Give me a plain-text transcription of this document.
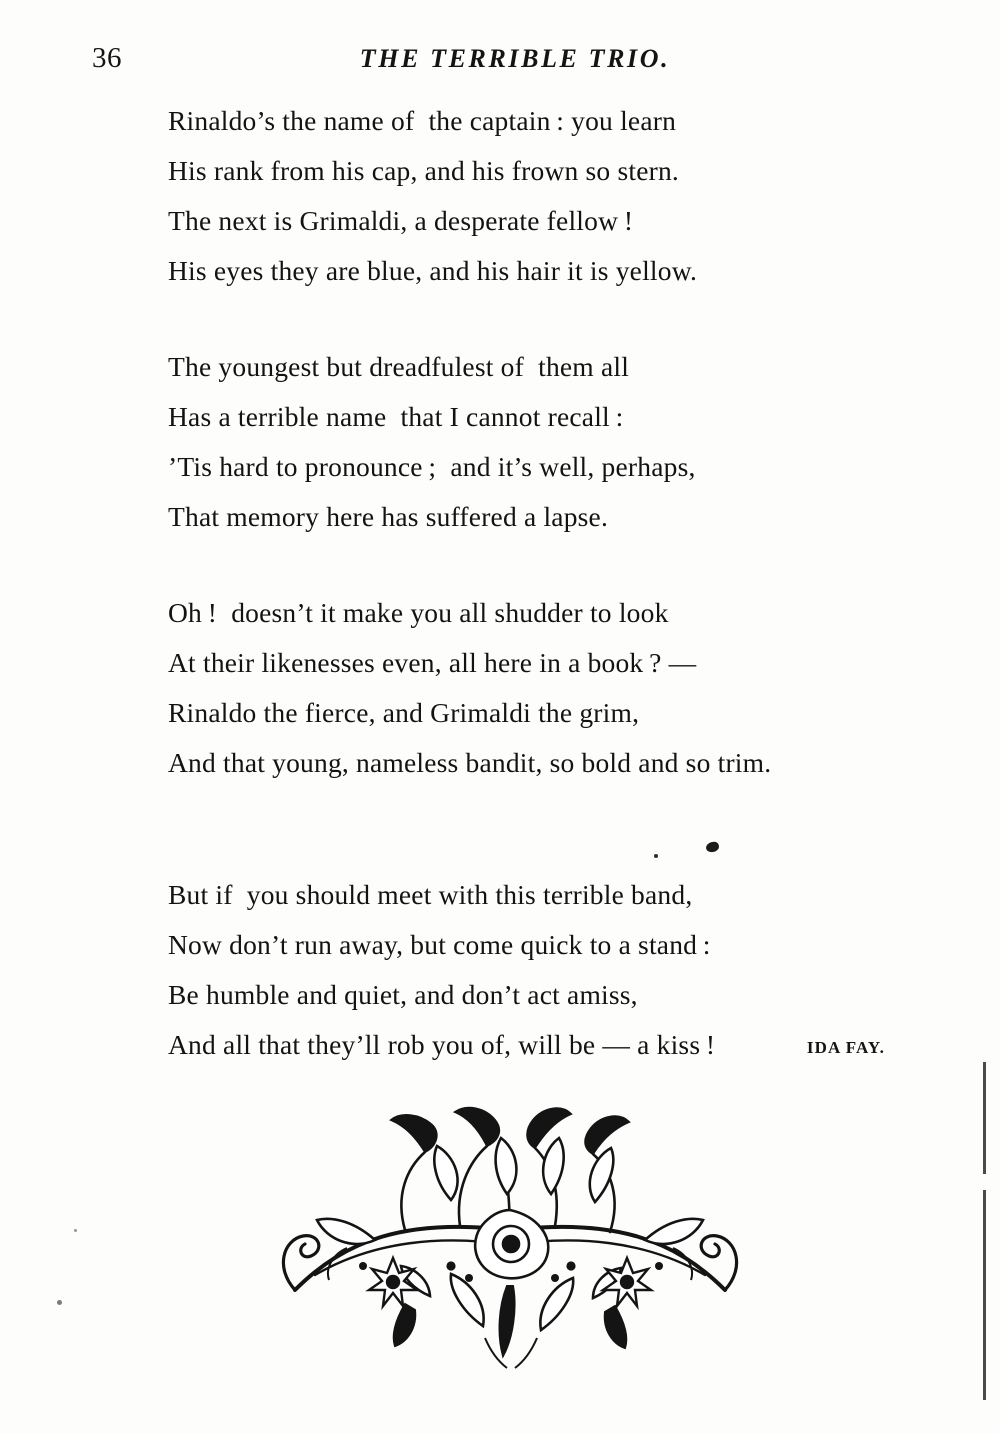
36	THE TERRIBLE TRIO.
Rinaldo’s the name of  the captain : you learn
His rank from his cap, and his frown so stern.
The next is Grimaldi, a desperate fellow !
His eyes they are blue, and his hair it is yellow.
The youngest but dreadfulest of  them all
Has a terrible name  that I cannot recall :
’Tis hard to pronounce ;  and it’s well, perhaps,
That memory here has suffered a lapse.
Oh !  doesn’t it make you all shudder to look
At their likenesses even, all here in a book ? —
Rinaldo the fierce, and Grimaldi the grim,
And that young, nameless bandit, so bold and so trim.
But if  you should meet with this terrible band,
Now don’t run away, but come quick to a stand :
Be humble and quiet, and don’t act amiss,
And all that they’ll rob you of, will be — a kiss !	IDA FAY.
